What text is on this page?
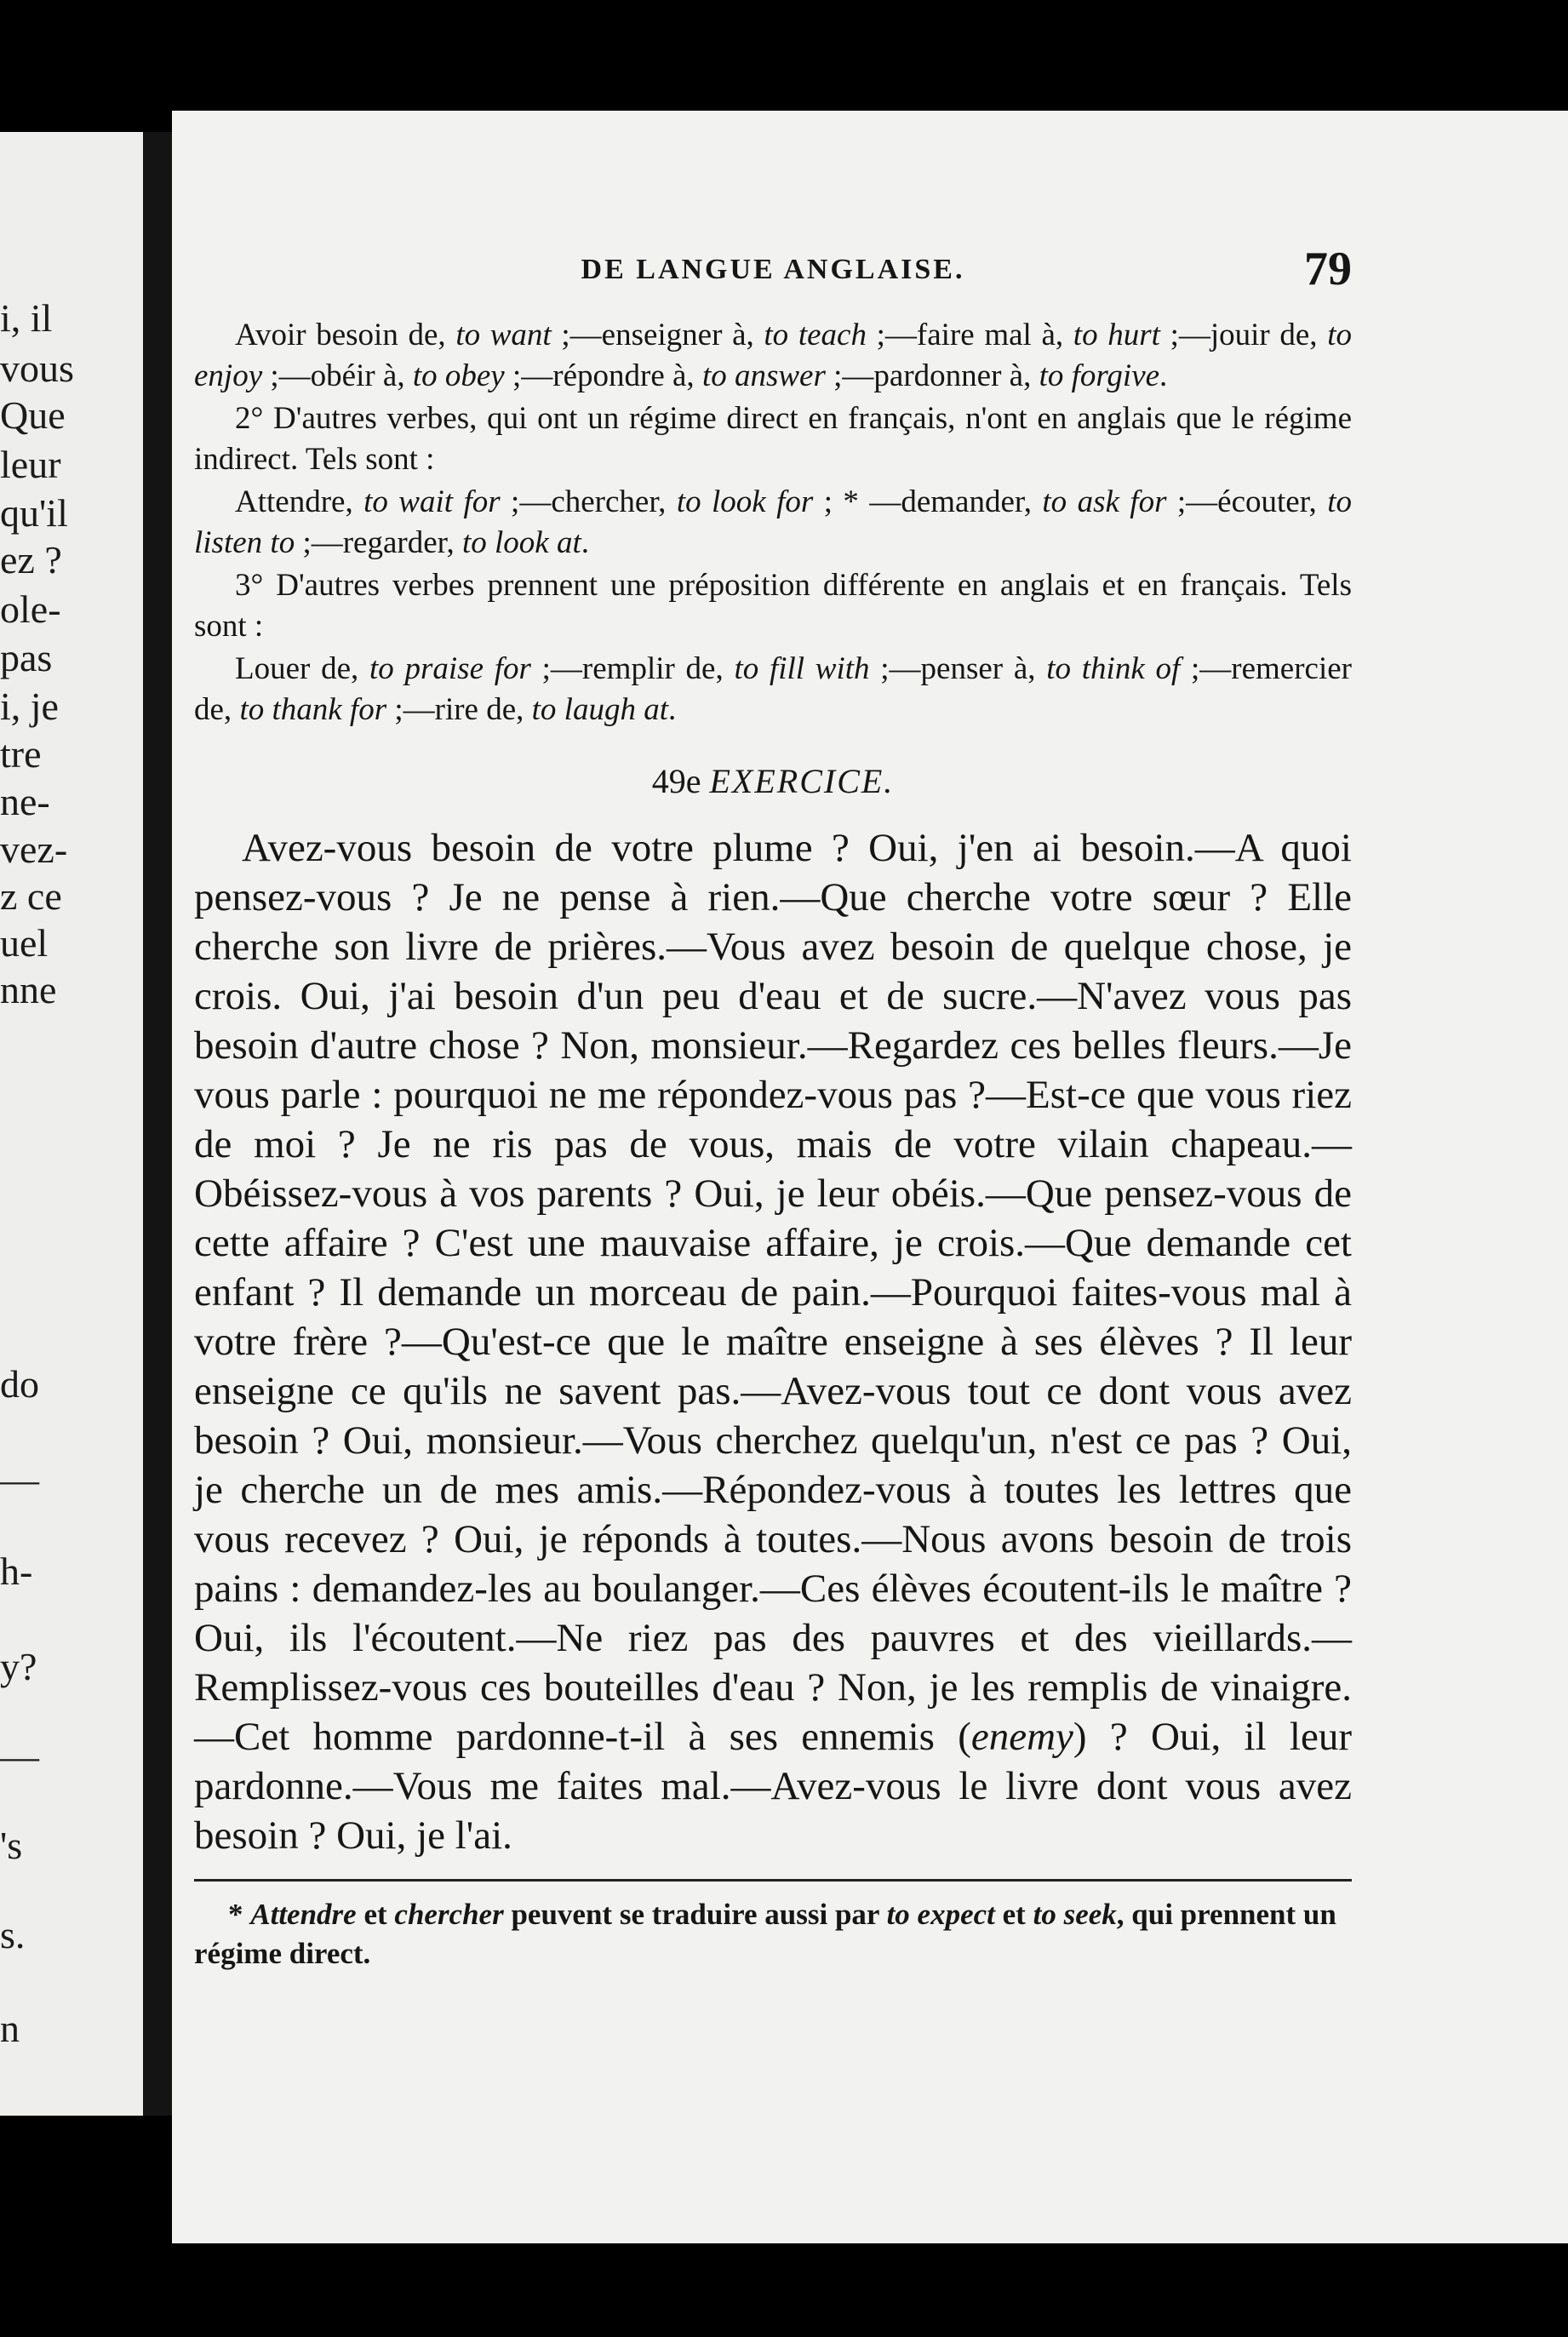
i, il

vous

Que

leur

qu'il

ez ?

ole-

pas

i, je

tre

ne-

vez-

z ce

uel

nne

do

—

h-

y?

—

's

s.

n

DE LANGUE ANGLAISE.	79

Avoir besoin de, to want ;—enseigner à, to teach ;—faire mal à, to hurt ;—jouir de, to enjoy ;—obéir à, to obey ;—répondre à, to answer ;—pardonner à, to forgive.

2° D'autres verbes, qui ont un régime direct en français, n'ont en anglais que le régime indirect. Tels sont :

Attendre, to wait for ;—chercher, to look for ; * —demander, to ask for ;—écouter, to listen to ;—regarder, to look at.

3° D'autres verbes prennent une préposition différente en anglais et en français. Tels sont :

Louer de, to praise for ;—remplir de, to fill with ;—penser à, to think of ;—remercier de, to thank for ;—rire de, to laugh at.

49e EXERCICE.

Avez-vous besoin de votre plume ? Oui, j'en ai besoin.—A quoi pensez-vous ? Je ne pense à rien.—Que cherche votre sœur ? Elle cherche son livre de prières.—Vous avez besoin de quelque chose, je crois. Oui, j'ai besoin d'un peu d'eau et de sucre.—N'avez vous pas besoin d'autre chose ? Non, monsieur.—Regardez ces belles fleurs.—Je vous parle : pourquoi ne me répondez-vous pas ?—Est-ce que vous riez de moi ? Je ne ris pas de vous, mais de votre vilain chapeau.—Obéissez-vous à vos parents ? Oui, je leur obéis.—Que pensez-vous de cette affaire ? C'est une mauvaise affaire, je crois.—Que demande cet enfant ? Il demande un morceau de pain.—Pourquoi faites-vous mal à votre frère ?—Qu'est-ce que le maître enseigne à ses élèves ? Il leur enseigne ce qu'ils ne savent pas.—Avez-vous tout ce dont vous avez besoin ? Oui, monsieur.—Vous cherchez quelqu'un, n'est ce pas ? Oui, je cherche un de mes amis.—Répondez-vous à toutes les lettres que vous recevez ? Oui, je réponds à toutes.—Nous avons besoin de trois pains : demandez-les au boulanger.—Ces élèves écoutent-ils le maître ? Oui, ils l'écoutent.—Ne riez pas des pauvres et des vieillards.—Remplissez-vous ces bouteilles d'eau ? Non, je les remplis de vinaigre.—Cet homme pardonne-t-il à ses ennemis (enemy) ? Oui, il leur pardonne.—Vous me faites mal.—Avez-vous le livre dont vous avez besoin ? Oui, je l'ai.

* Attendre et chercher peuvent se traduire aussi par to expect et to seek, qui prennent un régime direct.
